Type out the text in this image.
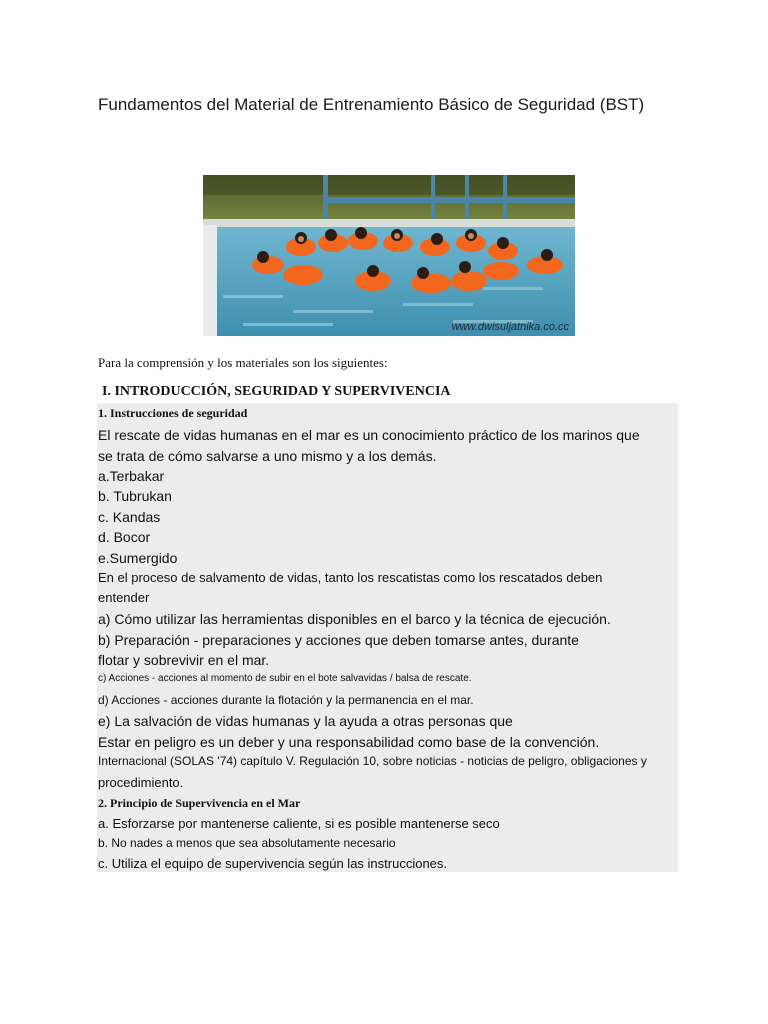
Fundamentos del Material de Entrenamiento Básico de Seguridad (BST)
www.dwisuljatnika.co.cc
Para la comprensión y los materiales son los siguientes:
I. INTRODUCCIÓN, SEGURIDAD Y SUPERVIVENCIA
1. Instrucciones de seguridad
El rescate de vidas humanas en el mar es un conocimiento práctico de los marinos que
se trata de cómo salvarse a uno mismo y a los demás.
a.Terbakar
b. Tubrukan
c. Kandas
d. Bocor
e.Sumergido
En el proceso de salvamento de vidas, tanto los rescatistas como los rescatados deben
entender
a) Cómo utilizar las herramientas disponibles en el barco y la técnica de ejecución.
b) Preparación - preparaciones y acciones que deben tomarse antes, durante
flotar y sobrevivir en el mar.
c) Acciones - acciones al momento de subir en el bote salvavidas / balsa de rescate.
d) Acciones - acciones durante la flotación y la permanencia en el mar.
e) La salvación de vidas humanas y la ayuda a otras personas que
Estar en peligro es un deber y una responsabilidad como base de la convención.
Internacional (SOLAS '74) capítulo V. Regulación 10, sobre noticias - noticias de peligro, obligaciones y
procedimiento.
2. Principio de Supervivencia en el Mar
a. Esforzarse por mantenerse caliente, si es posible mantenerse seco
b. No nades a menos que sea absolutamente necesario
c. Utiliza el equipo de supervivencia según las instrucciones.
